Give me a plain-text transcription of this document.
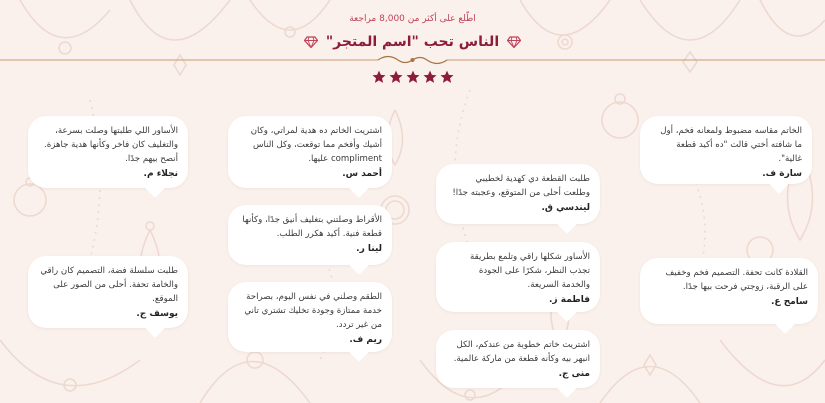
اطّلع على أكثر من 8,000 مراجعة
الناس تحب "اسم المتجر"
الخاتم مقاسه مضبوط ولمعانه فخم، أول ما شافته أختي قالت "ده أكيد قطعة غالية".
سارة ف.
القلادة كانت تحفة. التصميم فخم وخفيف على الرقبة، زوجتي فرحت بيها جدًا.
سامح ع.
طلبت القطعة دي كهدية لخطيبي وطلعت أحلى من المتوقع، وعجبته جدًا!
ليندسي ق.
الأساور شكلها راقي وتلمع بطريقة تجذب النظر، شكرًا على الجودة والخدمة السريعة.
فاطمة ز.
اشتريت خاتم خطوبة من عندكم، الكل انبهر بيه وكأنه قطعة من ماركة عالمية.
منى ج.
اشتريت الخاتم ده هدية لمراتي، وكان أشيك وأفخم مما توقعت، وكل الناس compliment عليها.
أحمد س.
الأقراط وصلتني بتغليف أنيق جدًا، وكأنها قطعة فنية. أكيد هكرر الطلب.
لينا ر.
الطقم وصلني في نفس اليوم، بصراحة خدمة ممتازة وجودة تخليك تشتري تاني من غير تردد.
ريم ف.
الأساور اللي طلبتها وصلت بسرعة، والتغليف كان فاخر وكأنها هدية جاهزة. أنصح بيهم جدًا.
نجلاء م.
طلبت سلسلة فضة، التصميم كان راقي والخامة تحفة. أحلى من الصور على الموقع.
يوسف ج.
